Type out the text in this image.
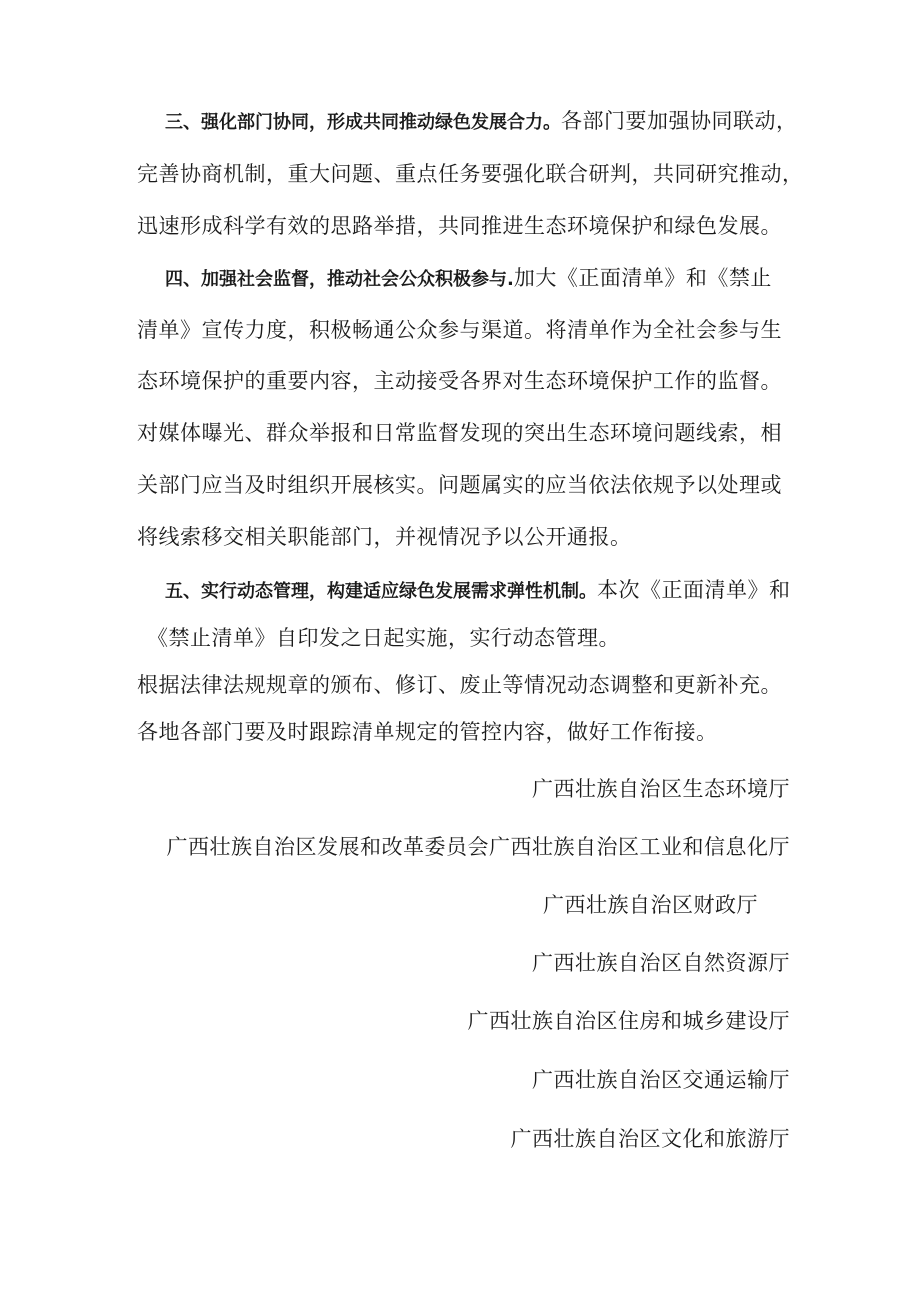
三、强化部门协同，形成共同推动绿色发展合力。各部门要加强协同联动，
完善协商机制，重大问题、重点任务要强化联合研判，共同研究推动，
迅速形成科学有效的思路举措，共同推进生态环境保护和绿色发展。
四、加强社会监督，推动社会公众积极参与.加大《正面清单》和《禁止
清单》宣传力度，积极畅通公众参与渠道。将清单作为全社会参与生
态环境保护的重要内容，主动接受各界对生态环境保护工作的监督。
对媒体曝光、群众举报和日常监督发现的突出生态环境问题线索，相
关部门应当及时组织开展核实。问题属实的应当依法依规予以处理或
将线索移交相关职能部门，并视情况予以公开通报。
五、实行动态管理，构建适应绿色发展需求弹性机制。本次《正面清单》和
《禁止清单》自印发之日起实施，实行动态管理。
根据法律法规规章的颁布、修订、废止等情况动态调整和更新补充。
各地各部门要及时跟踪清单规定的管控内容，做好工作衔接。
广西壮族自治区生态环境厅
广西壮族自治区发展和改革委员会广西壮族自治区工业和信息化厅
广西壮族自治区财政厅
广西壮族自治区自然资源厅
广西壮族自治区住房和城乡建设厅
广西壮族自治区交通运输厅
广西壮族自治区文化和旅游厅
